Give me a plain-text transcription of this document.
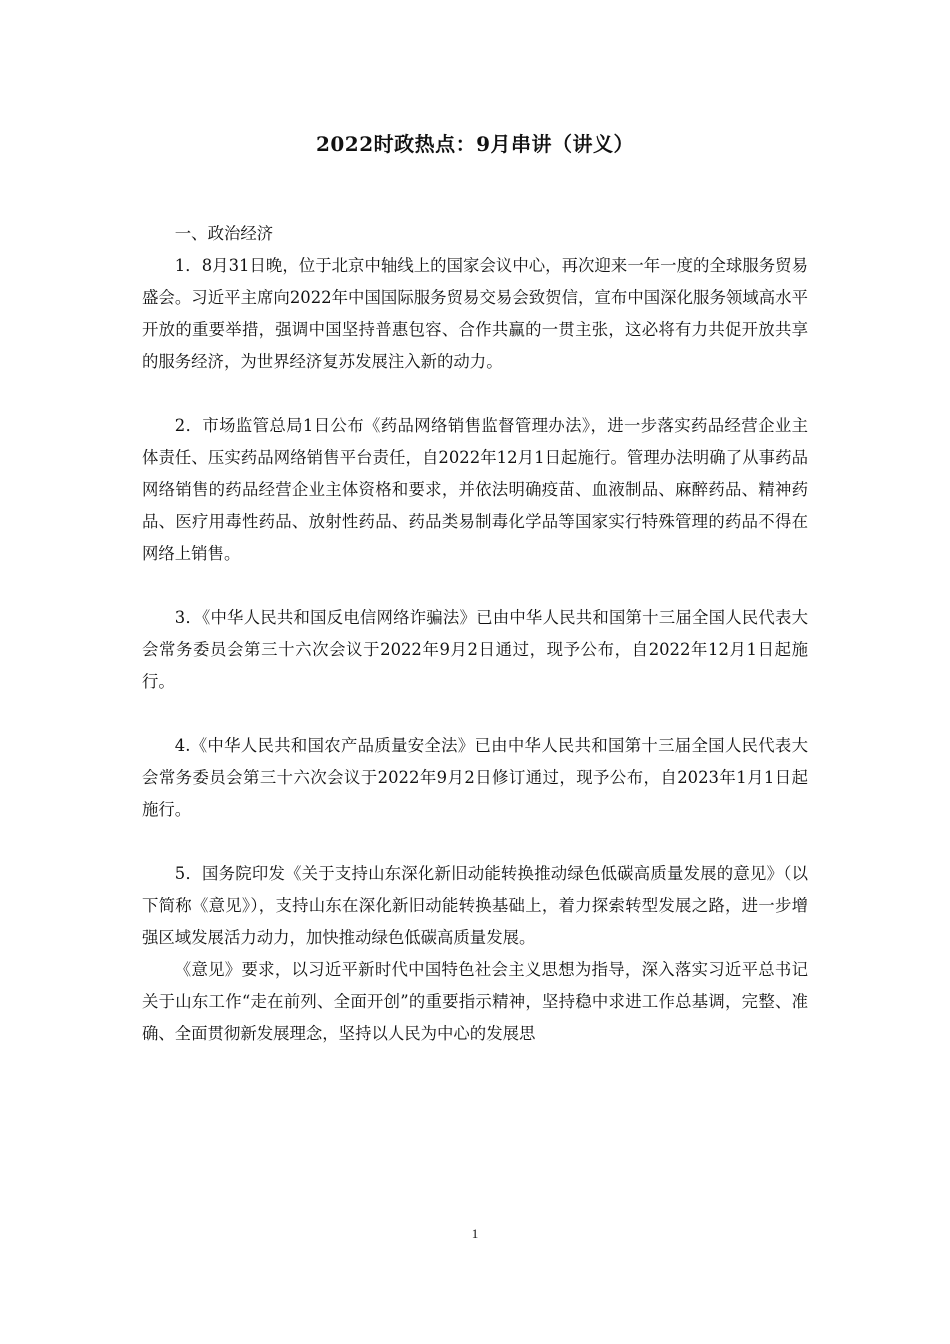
2022时政热点：9月串讲（讲义）

一、政治经济

1．8月31日晚，位于北京中轴线上的国家会议中心，再次迎来一年一度的全球服务贸易盛会。习近平主席向2022年中国国际服务贸易交易会致贺信，宣布中国深化服务领域高水平开放的重要举措，强调中国坚持普惠包容、合作共赢的一贯主张，这必将有力共促开放共享的服务经济，为世界经济复苏发展注入新的动力。

2．市场监管总局1日公布《药品网络销售监督管理办法》，进一步落实药品经营企业主体责任、压实药品网络销售平台责任，自2022年12月1日起施行。管理办法明确了从事药品网络销售的药品经营企业主体资格和要求，并依法明确疫苗、血液制品、麻醉药品、精神药品、医疗用毒性药品、放射性药品、药品类易制毒化学品等国家实行特殊管理的药品不得在网络上销售。

3．《中华人民共和国反电信网络诈骗法》已由中华人民共和国第十三届全国人民代表大会常务委员会第三十六次会议于2022年9月2日通过，现予公布，自2022年12月1日起施行。

4.《中华人民共和国农产品质量安全法》已由中华人民共和国第十三届全国人民代表大会常务委员会第三十六次会议于2022年9月2日修订通过，现予公布，自2023年1月1日起施行。

5．国务院印发《关于支持山东深化新旧动能转换推动绿色低碳高质量发展的意见》（以下简称《意见》），支持山东在深化新旧动能转换基础上，着力探索转型发展之路，进一步增强区域发展活力动力，加快推动绿色低碳高质量发展。

《意见》要求，以习近平新时代中国特色社会主义思想为指导，深入落实习近平总书记关于山东工作“走在前列、全面开创”的重要指示精神，坚持稳中求进工作总基调，完整、准确、全面贯彻新发展理念，坚持以人民为中心的发展思

1
